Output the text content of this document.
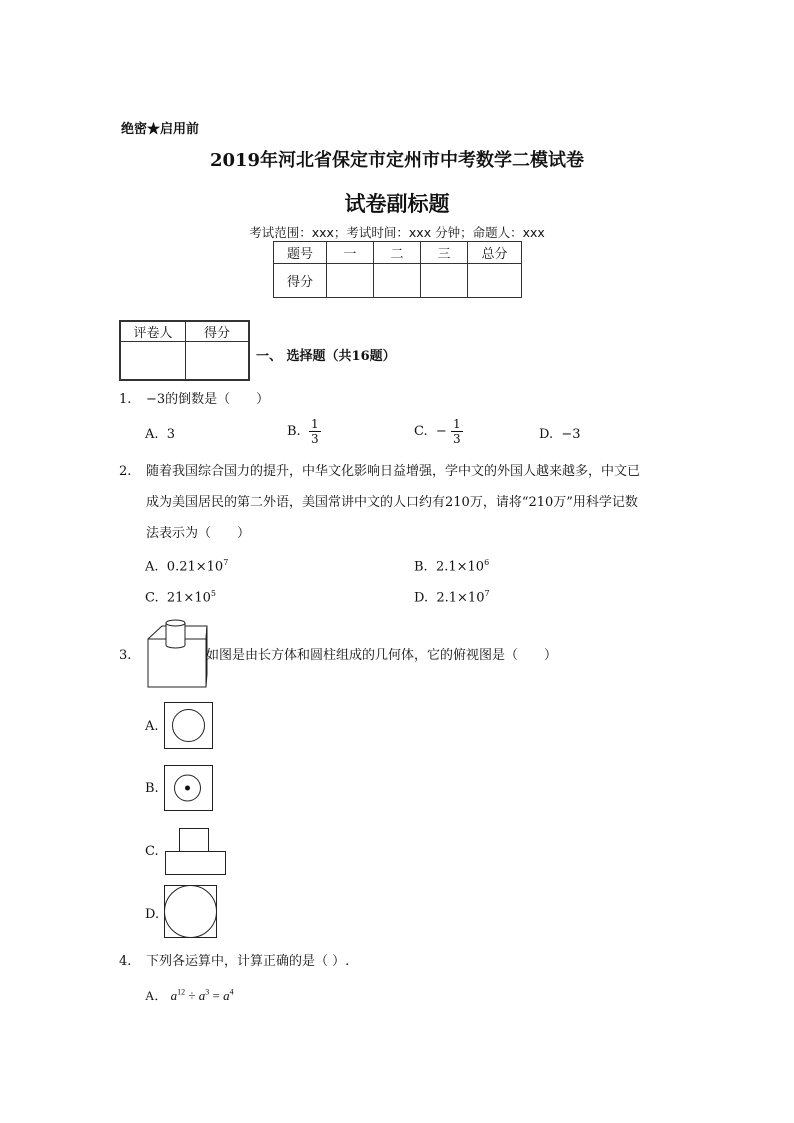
绝密★启用前
2019年河北省保定市定州市中考数学二模试卷
试卷副标题
考试范围：xxx；考试时间：xxx 分钟；命题人：xxx
题号	一	二	三	总分
得分				
评卷人	得分

一、 选择题（共16题）
1. −3的倒数是（　　）
A. 3	B. $\frac{1}{3}$	C. − $\frac{1}{3}$	D. −3
2. 随着我国综合国力的提升，中华文化影响日益增强，学中文的外国人越来越多，中文已
成为美国居民的第二外语，美国常讲中文的人口约有210万，请将“210万”用科学记数
法表示为（　　）
A. $0.21\times 10^7$	B. $2.1\times 10^6$
C. $21\times 10^5$	D. $2.1\times 10^7$
3.	如图是由长方体和圆柱组成的几何体，它的俯视图是（　　）
A.
B.
C.
D.
4. 下列各运算中，计算正确的是（ ）.
A． $a^{12} \div a^3 = a^4$
